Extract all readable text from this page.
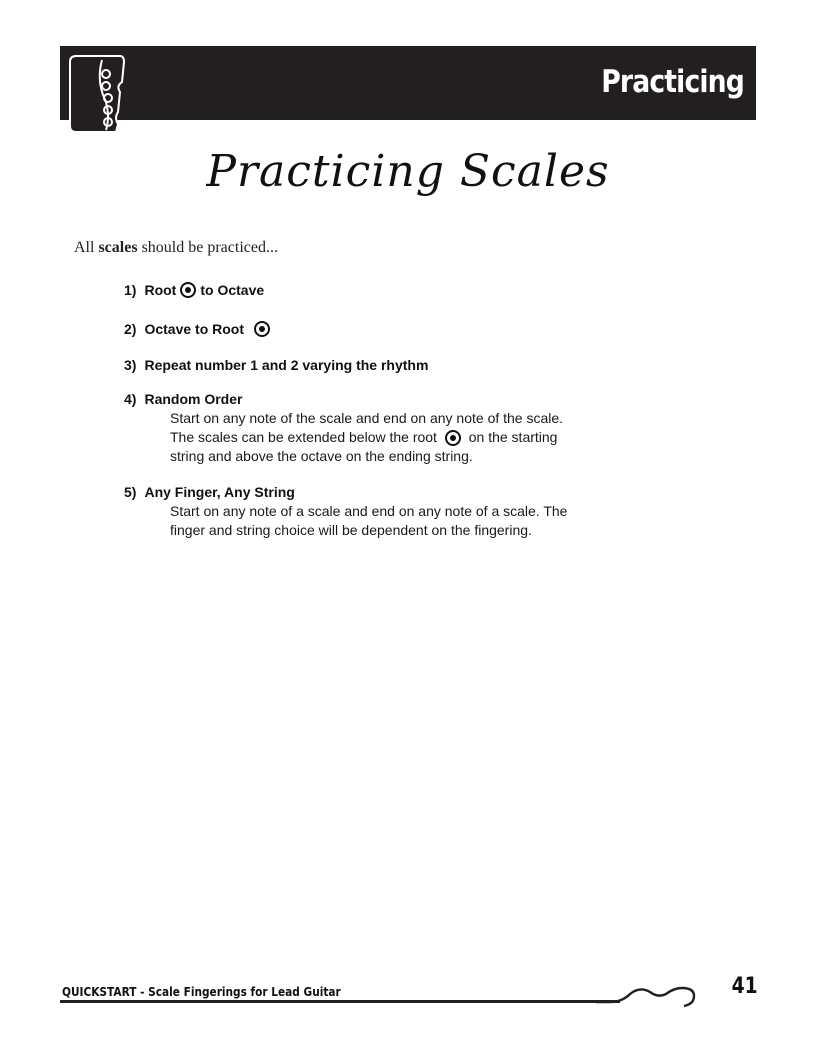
Practicing
Practicing Scales
All scales should be practiced...
1) Root to Octave
2) Octave to Root
3) Repeat number 1 and 2 varying the rhythm
4) Random Order
Start on any note of the scale and end on any note of the scale. The scales can be extended below the root on the starting string and above the octave on the ending string.
5) Any Finger, Any String
Start on any note of a scale and end on any note of a scale. The finger and string choice will be dependent on the fingering.
QUICKSTART - Scale Fingerings for Lead Guitar	41
